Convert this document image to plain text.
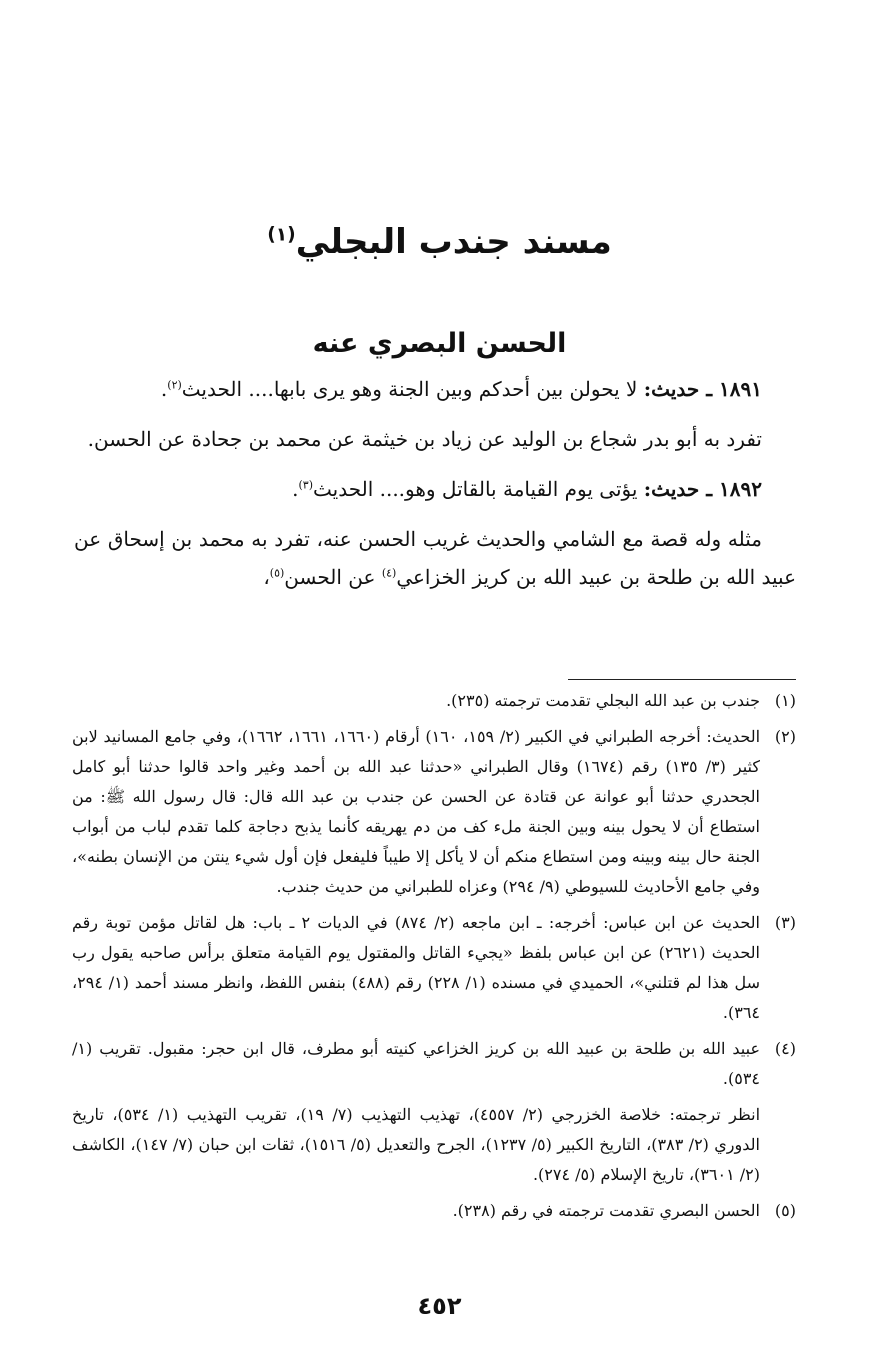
مسند جندب البجلي$^{(١)}$
الحسن البصري عنه

١٨٩١ ـ حديث: لا يحولن بين أحدكم وبين الجنة وهو يرى بابها.... الحديث$^{(٢)}$.

تفرد به أبو بدر شجاع بن الوليد عن زياد بن خيثمة عن محمد بن جحادة عن الحسن.

١٨٩٢ ـ حديث: يؤتى يوم القيامة بالقاتل وهو.... الحديث$^{(٣)}$.

مثله وله قصة مع الشامي والحديث غريب الحسن عنه، تفرد به محمد بن إسحاق عن عبيد الله بن طلحة بن عبيد الله بن كريز الخزاعي$^{(٤)}$ عن الحسن$^{(٥)}$،

(١)
جندب بن عبد الله البجلي تقدمت ترجمته (٢٣٥).
(٢)
الحديث: أخرجه الطبراني في الكبير (٢/ ١٥٩، ١٦٠) أرقام (١٦٦٠، ١٦٦١، ١٦٦٢)، وفي جامع المسانيد لابن كثير (٣/ ١٣٥) رقم (١٦٧٤) وقال الطبراني «حدثنا عبد الله بن أحمد وغير واحد قالوا حدثنا أبو كامل الجحدري حدثنا أبو عوانة عن قتادة عن الحسن عن جندب بن عبد الله قال: قال رسول الله ﷺ: من استطاع أن لا يحول بينه وبين الجنة ملء كف من دم يهريقه كأنما يذبح دجاجة كلما تقدم لباب من أبواب الجنة حال بينه وبينه ومن استطاع منكم أن لا يأكل إلا طيباً فليفعل فإن أول شيء ينتن من الإنسان بطنه»، وفي جامع الأحاديث للسيوطي (٩/ ٢٩٤) وعزاه للطبراني من حديث جندب.
(٣)
الحديث عن ابن عباس: أخرجه: ـ ابن ماجعه (٢/ ٨٧٤) في الديات ٢ ـ باب: هل لقاتل مؤمن توبة رقم الحديث (٢٦٢١) عن ابن عباس بلفظ «يجيء القاتل والمقتول يوم القيامة متعلق برأس صاحبه يقول رب سل هذا لم قتلني»، الحميدي في مسنده (١/ ٢٢٨) رقم (٤٨٨) بنفس اللفظ، وانظر مسند أحمد (١/ ٢٩٤، ٣٦٤).
(٤)
عبيد الله بن طلحة بن عبيد الله بن كريز الخزاعي كنيته أبو مطرف، قال ابن حجر: مقبول. تقريب (١/ ٥٣٤).
انظر ترجمته: خلاصة الخزرجي (٢/ ٤٥٥٧)، تهذيب التهذيب (٧/ ١٩)، تقريب التهذيب (١/ ٥٣٤)، تاريخ الدوري (٢/ ٣٨٣)، التاريخ الكبير (٥/ ١٢٣٧)، الجرح والتعديل (٥/ ١٥١٦)، ثقات ابن حبان (٧/ ١٤٧)، الكاشف (٢/ ٣٦٠١)، تاريخ الإسلام (٥/ ٢٧٤).
(٥)
الحسن البصري تقدمت ترجمته في رقم (٢٣٨).
٤٥٢
